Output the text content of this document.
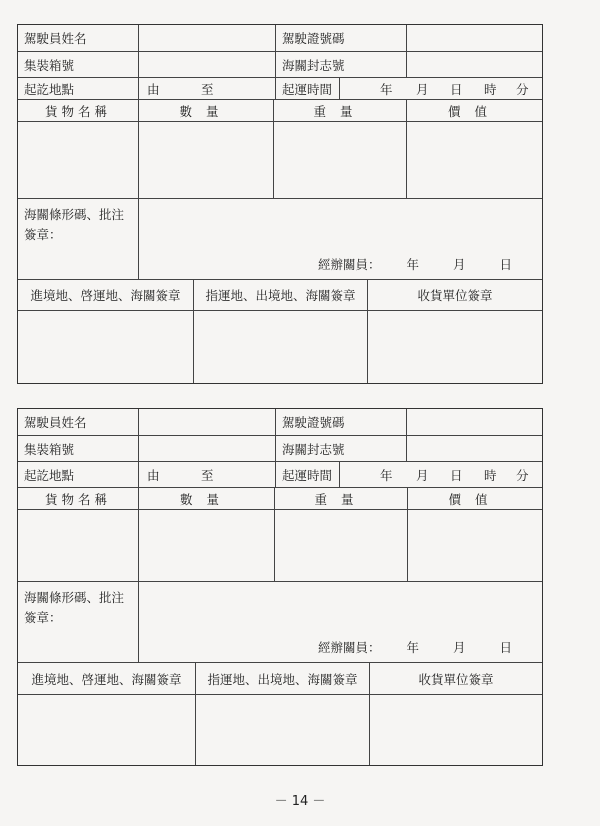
駕駛員姓名	駕駛證號碼
集裝箱號	海關封志號
起訖地點	由	至	起運時間	年 月 日 時 分
貨物名稱	數量	重量	價值
海關條形碼、批注
簽章：
經辦關員： 年	月	日
進境地、啓運地、海關簽章	指運地、出境地、海關簽章	收貨單位簽章
駕駛員姓名	駕駛證號碼
集裝箱號	海關封志號
起訖地點	由	至	起運時間	年 月 日 時 分
貨物名稱	數量	重量	價值
海關條形碼、批注
簽章：
經辦關員： 年	月	日
進境地、啓運地、海關簽章	指運地、出境地、海關簽章	收貨單位簽章
－ 14 －
